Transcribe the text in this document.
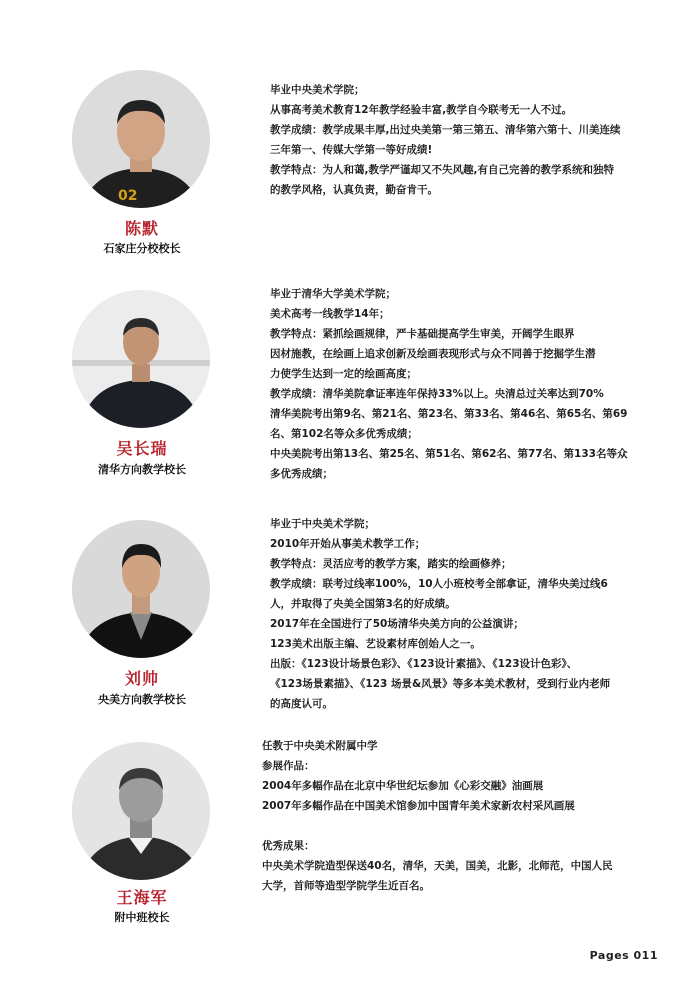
02
陈默
石家庄分校校长
毕业中央美术学院；
从事高考美术教育12年教学经验丰富,教学自今联考无一人不过。
教学成绩：教学成果丰厚,出过央美第一第三第五、清华第六第十、川美连续
三年第一、传媒大学第一等好成绩!
教学特点：为人和蔼,教学严谨却又不失风趣,有自己完善的教学系统和独特
的教学风格，认真负责，勤奋肯干。
吴长瑞
清华方向教学校长
毕业于清华大学美术学院；
美术高考一线教学14年；
教学特点：紧抓绘画规律，严卡基础提高学生审美，开阔学生眼界
因材施教，在绘画上追求创新及绘画表现形式与众不同善于挖掘学生潜
力使学生达到一定的绘画高度；
教学成绩：清华美院拿证率连年保持33%以上。央清总过关率达到70%
清华美院考出第9名、第21名、第23名、第33名、第46名、第65名、第69
名、第102名等众多优秀成绩；
中央美院考出第13名、第25名、第51名、第62名、第77名、第133名等众
多优秀成绩；
刘帅
央美方向教学校长
毕业于中央美术学院；
2010年开始从事美术教学工作；
教学特点：灵活应考的教学方案，踏实的绘画修养；
教学成绩：联考过线率100%，10人小班校考全部拿证，清华央美过线6
人，并取得了央美全国第3名的好成绩。
2017年在全国进行了50场清华央美方向的公益演讲；
123美术出版主编、艺设素材库创始人之一。
出版：《123设计场景色彩》、《123设计素描》、《123设计色彩》、
《123场景素描》、《123 场景&风景》等多本美术教材，受到行业内老师
的高度认可。
王海军
附中班校长
任教于中央美术附属中学
参展作品：
2004年多幅作品在北京中华世纪坛参加《心彩交融》油画展
2007年多幅作品在中国美术馆参加中国青年美术家新农村采风画展
优秀成果：
中央美术学院造型保送40名，清华，天美，国美，北影，北师范，中国人民
大学，首师等造型学院学生近百名。
Pages 011
